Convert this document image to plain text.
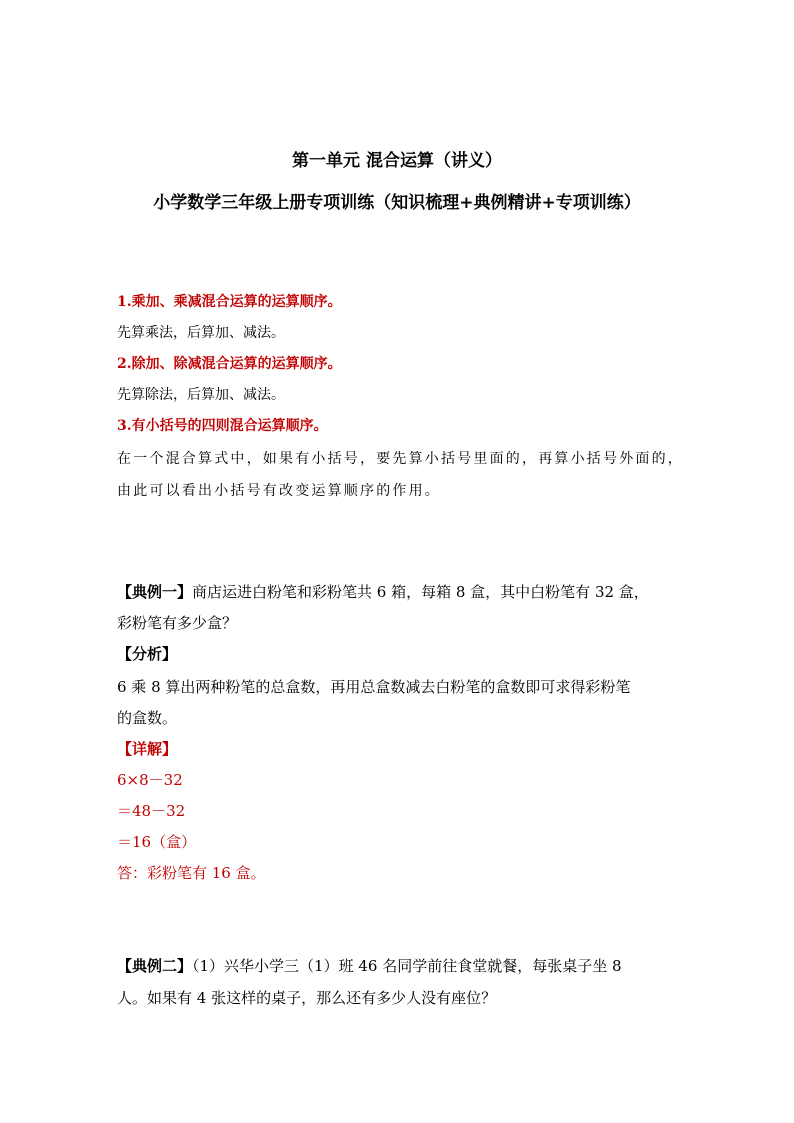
第一单元 混合运算（讲义）
小学数学三年级上册专项训练（知识梳理+典例精讲+专项训练）
1.乘加、乘减混合运算的运算顺序。
先算乘法，后算加、减法。
2.除加、除减混合运算的运算顺序。
先算除法，后算加、减法。
3.有小括号的四则混合运算顺序。
在一个混合算式中，如果有小括号，要先算小括号里面的，再算小括号外面的，
由此可以看出小括号有改变运算顺序的作用。
【典例一】商店运进白粉笔和彩粉笔共 6 箱，每箱 8 盒，其中白粉笔有 32 盒，
彩粉笔有多少盒？
【分析】
6 乘 8 算出两种粉笔的总盒数，再用总盒数减去白粉笔的盒数即可求得彩粉笔
的盒数。
【详解】
6×8－32
＝48－32
＝16（盒）
答：彩粉笔有 16 盒。
【典例二】（1）兴华小学三（1）班 46 名同学前往食堂就餐，每张桌子坐 8
人。如果有 4 张这样的桌子，那么还有多少人没有座位？
